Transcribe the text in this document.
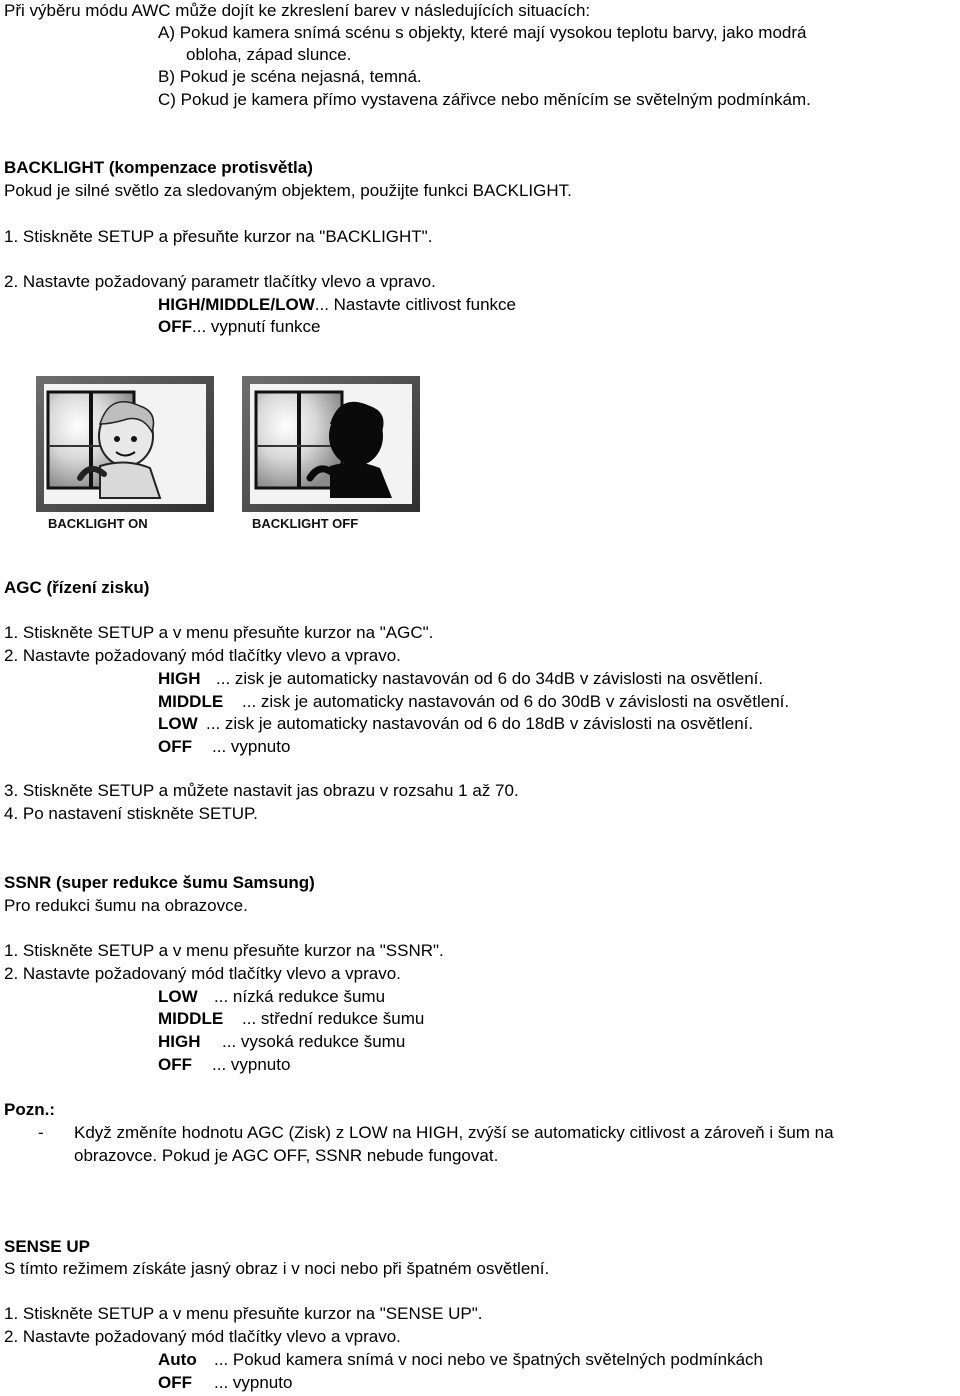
Při výběru módu AWC může dojít ke zkreslení barev v následujících situacích:
A) Pokud kamera snímá scénu s objekty, které mají vysokou teplotu barvy, jako modrá
obloha, západ slunce.
B) Pokud je scéna nejasná, temná.
C) Pokud je kamera přímo vystavena zářivce nebo měnícím se světelným podmínkám.
BACKLIGHT (kompenzace protisvětla)
Pokud je silné světlo za sledovaným objektem, použijte funkci BACKLIGHT.
1. Stiskněte SETUP a přesuňte kurzor na "BACKLIGHT".
2. Nastavte požadovaný parametr tlačítky vlevo a vpravo.
HIGH/MIDDLE/LOW... Nastavte citlivost funkce
OFF... vypnutí funkce
BACKLIGHT ON	BACKLIGHT OFF
AGC (řízení zisku)
1. Stiskněte SETUP a v menu přesuňte kurzor na "AGC".
2. Nastavte požadovaný mód tlačítky vlevo a vpravo.
HIGH ... zisk je automaticky nastavován od 6 do 34dB v závislosti na osvětlení.
MIDDLE ... zisk je automaticky nastavován od 6 do 30dB v závislosti na osvětlení.
LOW ... zisk je automaticky nastavován od 6 do 18dB v závislosti na osvětlení.
OFF ... vypnuto
3. Stiskněte SETUP a můžete nastavit jas obrazu v rozsahu 1 až 70.
4. Po nastavení stiskněte SETUP.
SSNR (super redukce šumu Samsung)
Pro redukci šumu na obrazovce.
1. Stiskněte SETUP a v menu přesuňte kurzor na "SSNR".
2. Nastavte požadovaný mód tlačítky vlevo a vpravo.
LOW ... nízká redukce šumu
MIDDLE ... střední redukce šumu
HIGH ... vysoká redukce šumu
OFF ... vypnuto
Pozn.:
- Když změníte hodnotu AGC (Zisk) z LOW na HIGH, zvýší se automaticky citlivost a zároveň i šum na
obrazovce. Pokud je AGC OFF, SSNR nebude fungovat.
SENSE UP
S tímto režimem získáte jasný obraz i v noci nebo při špatném osvětlení.
1. Stiskněte SETUP a v menu přesuňte kurzor na "SENSE UP".
2. Nastavte požadovaný mód tlačítky vlevo a vpravo.
Auto ... Pokud kamera snímá v noci nebo ve špatných světelných podmínkách
OFF ... vypnuto
